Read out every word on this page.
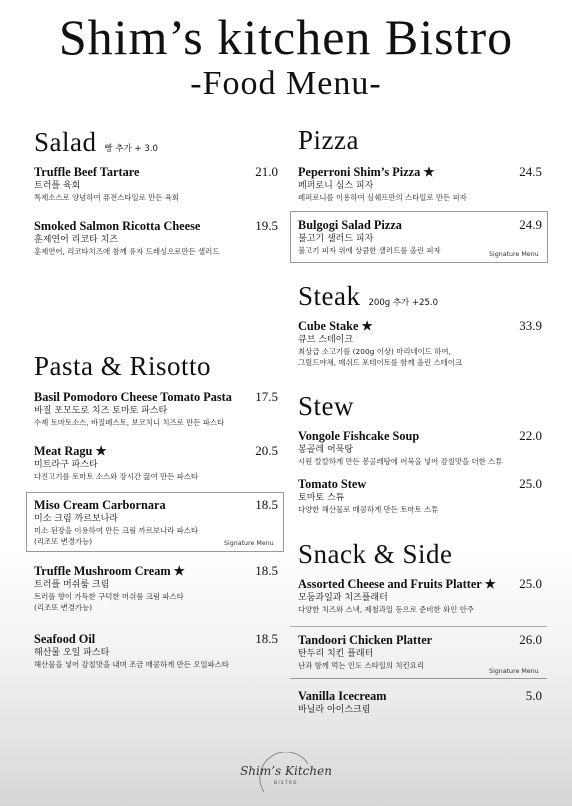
Shim’s kitchen Bistro
-Food Menu-
Salad 빵 추가 + 3.0
Truffle Beef Tartare	21.0
트러플 육회
특제소스로 양념하여 퓨전스타일로 만든 육회
Smoked Salmon Ricotta Cheese	19.5
훈제연어 리코타 치즈
훈제연어, 리코타치즈에 참깨 유자 드레싱으로만든 샐러드
Pasta & Risotto
Basil Pomodoro Cheese Tomato Pasta 17.5
바질 포모도로 치즈 토마토 파스타
수제 토마토소스, 바질페스토, 보코치니 치즈로 만든 파스타
Meat Ragu ★	20.5
미트라구 파스타
다진고기를 토마토 소스와 장시간 끓여 만든 파스타
Miso Cream Carbornara	18.5
미소 크림 까르보나라
미소 된장을 이용하여 만든 크림 까르보나라 파스타
(리조또 변경가능)
Truffle Mushroom Cream ★	18.5
트러플 머쉬룸 크림
트러플 향이 가득한 구덕한 머쉬룸 크림 파스타
(리조또 변경가능)
Seafood Oil	18.5
해산물 오일 파스타
해산물을 넣어 감칠맛을 내며 조금 매콤하게 만든 오일파스타
Signature Menu
Pizza
Peperroni Shim’s Pizza ★	24.5
페퍼로니 심스 피자
페퍼로니를 이용하여 심쉐프만의 스타일로 만든 피자
Bulgogi Salad Pizza	24.9
불고기 샐러드 피자
불고기 피자 위에 상큼한 샐러드를 올린 피자
Steak 200g 추가 +25.0
Cube Stake ★	33.9
큐브 스테이크
최상급 소고기를 (200g 이상) 마리네이드 하여,
그릴드야채, 매쉬드 포테이토를 함께 올린 스테이크
Stew
Vongole Fishcake Soup	22.0
봉골레 어묵탕
시원 칼칼하게 만든 봉골레탕에 어묵을 넣어 감칠맛을 더한 스튜
Tomato Stew	25.0
토마토 스튜
다양한 해산물로 매콤하게 만든 토마토 스튜
Snack & Side
Assorted Cheese and Fruits Platter ★ 25.0
모둠과일과 치즈플래터
다양한 치즈와 스낵, 제철과일 등으로 준비한 와인 안주
Tandoori Chicken Platter	26.0
탄두리 치킨 플래터
난과 함께 먹는 인도 스타일의 치킨요리
Vanilla Icecream	5.0
바닐라 아이스크림
Signature Menu
Signature Menu
Shim’s Kitchen
BISTRO
